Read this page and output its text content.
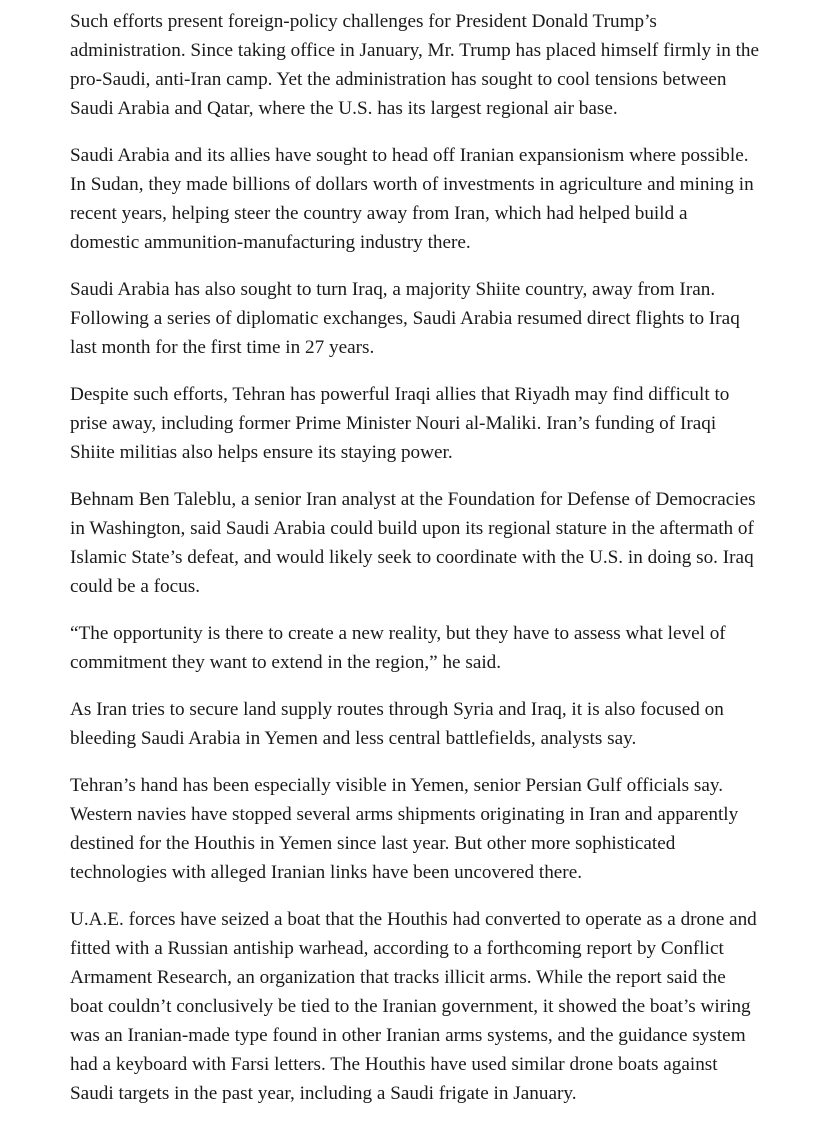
Such efforts present foreign-policy challenges for President Donald Trump’s administration. Since taking office in January, Mr. Trump has placed himself firmly in the pro-Saudi, anti-Iran camp. Yet the administration has sought to cool tensions between Saudi Arabia and Qatar, where the U.S. has its largest regional air base.

Saudi Arabia and its allies have sought to head off Iranian expansionism where possible. In Sudan, they made billions of dollars worth of investments in agriculture and mining in recent years, helping steer the country away from Iran, which had helped build a domestic ammunition-manufacturing industry there.

Saudi Arabia has also sought to turn Iraq, a majority Shiite country, away from Iran. Following a series of diplomatic exchanges, Saudi Arabia resumed direct flights to Iraq last month for the first time in 27 years.

Despite such efforts, Tehran has powerful Iraqi allies that Riyadh may find difficult to prise away, including former Prime Minister Nouri al-Maliki. Iran’s funding of Iraqi Shiite militias also helps ensure its staying power.

Behnam Ben Taleblu, a senior Iran analyst at the Foundation for Defense of Democracies in Washington, said Saudi Arabia could build upon its regional stature in the aftermath of Islamic State’s defeat, and would likely seek to coordinate with the U.S. in doing so. Iraq could be a focus.

“The opportunity is there to create a new reality, but they have to assess what level of commitment they want to extend in the region,” he said.

As Iran tries to secure land supply routes through Syria and Iraq, it is also focused on bleeding Saudi Arabia in Yemen and less central battlefields, analysts say.

Tehran’s hand has been especially visible in Yemen, senior Persian Gulf officials say. Western navies have stopped several arms shipments originating in Iran and apparently destined for the Houthis in Yemen since last year. But other more sophisticated technologies with alleged Iranian links have been uncovered there.

U.A.E. forces have seized a boat that the Houthis had converted to operate as a drone and fitted with a Russian antiship warhead, according to a forthcoming report by Conflict Armament Research, an organization that tracks illicit arms. While the report said the boat couldn’t conclusively be tied to the Iranian government, it showed the boat’s wiring was an Iranian-made type found in other Iranian arms systems, and the guidance system had a keyboard with Farsi letters. The Houthis have used similar drone boats against Saudi targets in the past year, including a Saudi frigate in January.
